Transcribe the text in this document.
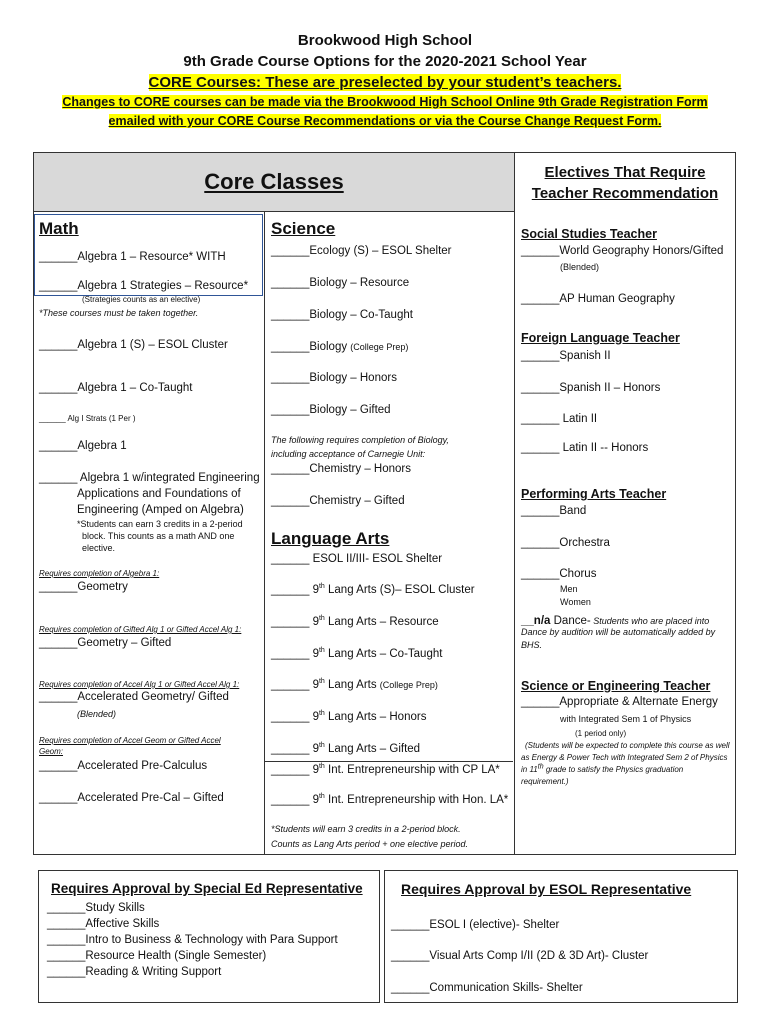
Brookwood High School
9th Grade Course Options for the 2020-2021 School Year
CORE Courses: These are preselected by your student’s teachers.
Changes to CORE courses can be made via the Brookwood High School Online 9th Grade Registration Form
emailed with your CORE Course Recommendations or via the Course Change Request Form.
Core Classes	Electives That Require
Teacher Recommendation
Math
______Algebra 1 – Resource* WITH
______Algebra 1 Strategies – Resource*
(Strategies counts as an elective)
*These courses must be taken together.
______Algebra 1 (S) – ESOL Cluster
______Algebra 1 – Co-Taught
______ Alg I Strats (1 Per )
______Algebra 1
______ Algebra 1 w/integrated Engineering
Applications and Foundations of
Engineering (Amped on Algebra)
*Students can earn 3 credits in a 2-period
block. This counts as a math AND one
elective.
Requires completion of Algebra 1:
______Geometry
Requires completion of Gifted Alg 1 or Gifted Accel Alg 1:
______Geometry – Gifted
Requires completion of Accel Alg 1 or Gifted Accel Alg 1:
______Accelerated Geometry/ Gifted
(Blended)
Requires completion of Accel Geom or Gifted Accel
Geom:
______Accelerated Pre-Calculus
______Accelerated Pre-Cal – Gifted
Science
______Ecology (S) – ESOL Shelter
______Biology – Resource
______Biology – Co-Taught
______Biology (College Prep)
______Biology – Honors
______Biology – Gifted
The following requires completion of Biology,
including acceptance of Carnegie Unit:
______Chemistry – Honors
______Chemistry – Gifted
Language Arts
______ ESOL II/III- ESOL Shelter
______ 9th Lang Arts (S)– ESOL Cluster
______ 9th Lang Arts – Resource
______ 9th Lang Arts – Co-Taught
______ 9th Lang Arts (College Prep)
______ 9th Lang Arts – Honors
______ 9th Lang Arts – Gifted
______ 9th Int. Entrepreneurship with CP LA*
______ 9th Int. Entrepreneurship with Hon. LA*
*Students will earn 3 credits in a 2-period block.
Counts as Lang Arts period + one elective period.
Social Studies Teacher
______World Geography Honors/Gifted
(Blended)
______AP Human Geography
Foreign Language Teacher
______Spanish II
______Spanish II – Honors
______ Latin II
______ Latin II -- Honors
Performing Arts Teacher
______Band
______Orchestra
______Chorus
Men
Women
__n/a Dance- Students who are placed into
Dance by audition will be automatically added by
BHS.
Science or Engineering Teacher
______Appropriate & Alternate Energy
with Integrated Sem 1 of Physics
(1 period only)
(Students will be expected to complete this course as well
as Energy & Power Tech with Integrated Sem 2 of Physics
in 11th grade to satisfy the Physics graduation
requirement.)
Requires Approval by Special Ed Representative
______Study Skills
______Affective Skills
______Intro to Business & Technology with Para Support
______Resource Health (Single Semester)
______Reading & Writing Support
Requires Approval by ESOL Representative
______ESOL I (elective)- Shelter
______Visual Arts Comp I/II (2D & 3D Art)- Cluster
______Communication Skills- Shelter
